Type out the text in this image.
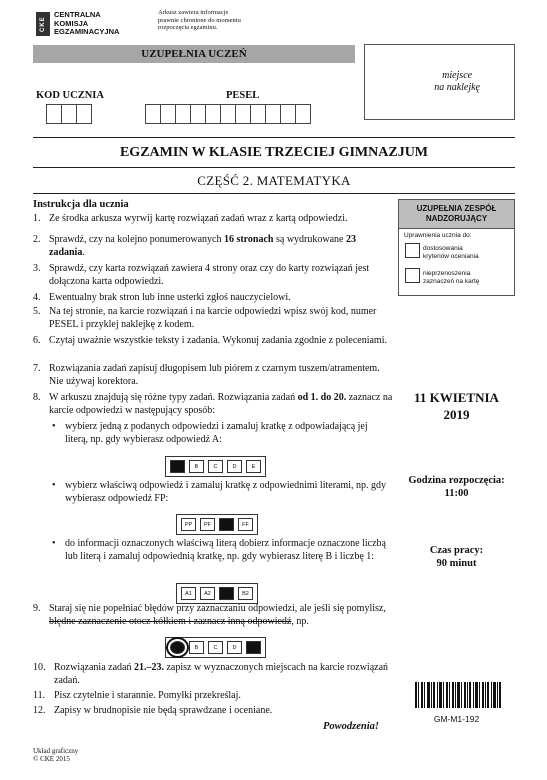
CKE
CENTRALNA
KOMISJA
EGZAMINACYJNA
Arkusz zawiera informacje
prawnie chronione do momentu
rozpoczęcia egzaminu.
UZUPEŁNIA UCZEŃ
miejsce
na naklejkę
KOD UCZNIA	PESEL
EGZAMIN W KLASIE TRZECIEJ GIMNAZJUM
CZĘŚĆ 2. MATEMATYKA
Instrukcja dla ucznia
1. Ze środka arkusza wyrwij kartę rozwiązań zadań wraz z kartą odpowiedzi.
2. Sprawdź, czy na kolejno ponumerowanych 16 stronach są wydrukowane 23 zadania.
3. Sprawdź, czy karta rozwiązań zawiera 4 strony oraz czy do karty rozwiązań jest dołączona karta odpowiedzi.
4. Ewentualny brak stron lub inne usterki zgłoś nauczycielowi.
5. Na tej stronie, na karcie rozwiązań i na karcie odpowiedzi wpisz swój kod, numer PESEL i przyklej naklejkę z kodem.
6. Czytaj uważnie wszystkie teksty i zadania. Wykonuj zadania zgodnie z poleceniami.
7. Rozwiązania zadań zapisuj długopisem lub piórem z czarnym tuszem/atramentem. Nie używaj korektora.
8. W arkuszu znajdują się różne typy zadań. Rozwiązania zadań od 1. do 20. zaznacz na karcie odpowiedzi w następujący sposób:
• wybierz jedną z podanych odpowiedzi i zamaluj kratkę z odpowiadającą jej literą, np. gdy wybierasz odpowiedź A:
A	B	C	D	E
• wybierz właściwą odpowiedź i zamaluj kratkę z odpowiednimi literami, np. gdy wybierasz odpowiedź FP:
PP	PF	FP	FF
• do informacji oznaczonych właściwą literą dobierz informacje oznaczone liczbą lub literą i zamaluj odpowiednią kratkę, np. gdy wybierasz literę B i liczbę 1:
A1	A2	B1	B2
9. Staraj się nie popełniać błędów przy zaznaczaniu odpowiedzi, ale jeśli się pomylisz, błędne zaznaczenie otocz kółkiem i zaznacz inną odpowiedź, np.
A	B	C	D	E
10. Rozwiązania zadań 21.–23. zapisz w wyznaczonych miejscach na karcie rozwiązań zadań.
11. Pisz czytelnie i starannie. Pomyłki przekreślaj.
12. Zapisy w brudnopisie nie będą sprawdzane i oceniane.
Powodzenia!
UZUPEŁNIA ZESPÓŁ
NADZORUJĄCY
Uprawnienia ucznia do:
dostosowania
kryteriów oceniania
nieprzenoszenia
zaznaczeń na kartę
11 KWIETNIA
2019
Godzina rozpoczęcia:
11:00
Czas pracy:
90 minut
GM-M1-192
Układ graficzny
© CKE 2015
